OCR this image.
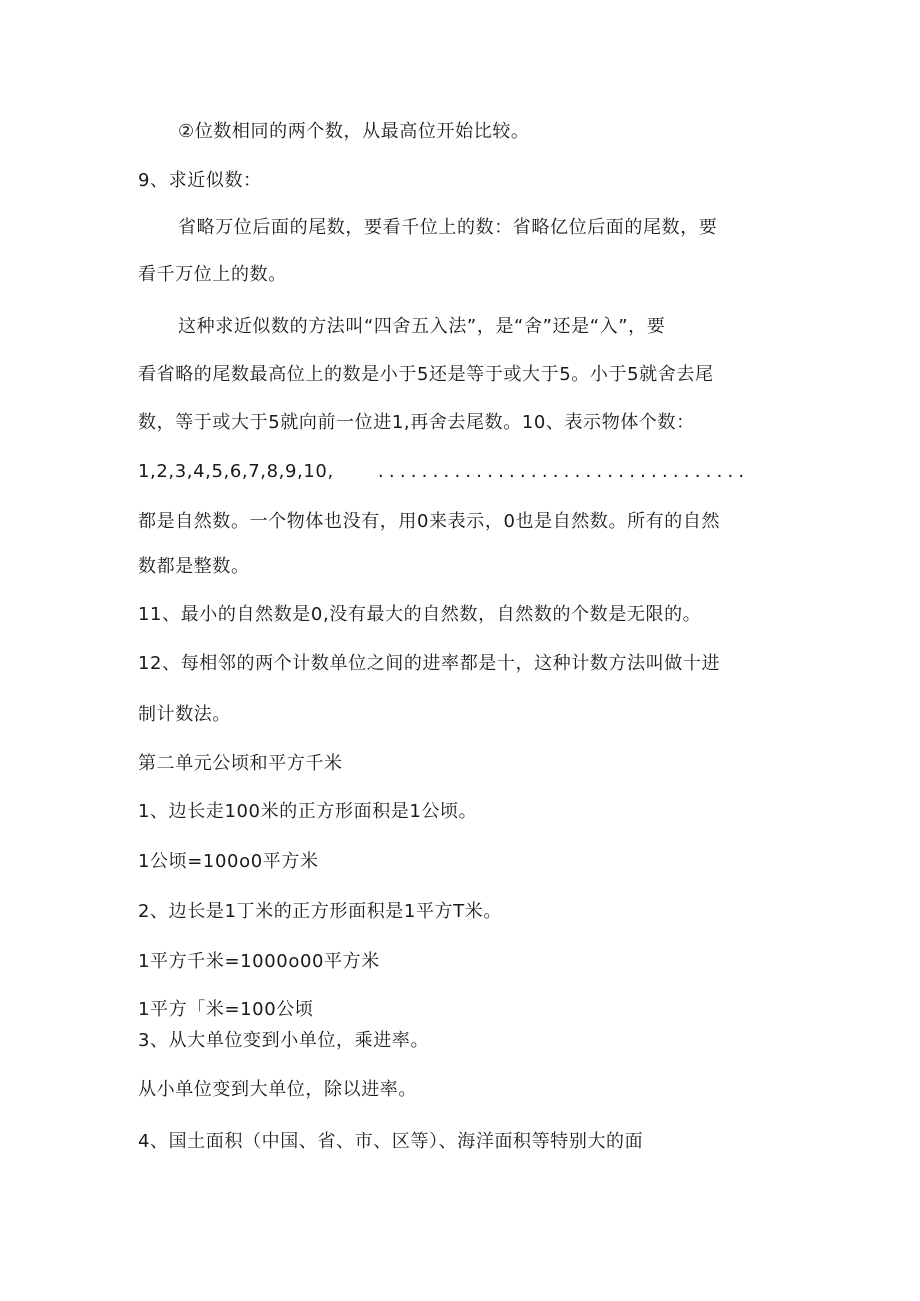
②位数相同的两个数，从最高位开始比较。
9、求近似数：
省略万位后面的尾数，要看千位上的数：省略亿位后面的尾数，要
看千万位上的数。
这种求近似数的方法叫“四舍五入法”，是“舍”还是“入”，要
看省略的尾数最高位上的数是小于5还是等于或大于5。小于5就舍去尾
数，等于或大于5就向前一位进1,再舍去尾数。10、表示物体个数：
1,2,3,4,5,6,7,8,9,10, ..................................
都是自然数。一个物体也没有，用0来表示，0也是自然数。所有的自然
数都是整数。
11、最小的自然数是0,没有最大的自然数，自然数的个数是无限的。
12、每相邻的两个计数单位之间的进率都是十，这种计数方法叫做十进
制计数法。
第二单元公顷和平方千米
1、边长走100米的正方形面积是1公顷。
1公顷=100o0平方米
2、边长是1丁米的正方形面积是1平方T米。
1平方千米=1000o00平方米
1平方「米=100公顷
3、从大单位变到小单位，乘进率。
从小单位变到大单位，除以进率。
4、国土面积（中国、省、市、区等）、海洋面积等特别大的面
